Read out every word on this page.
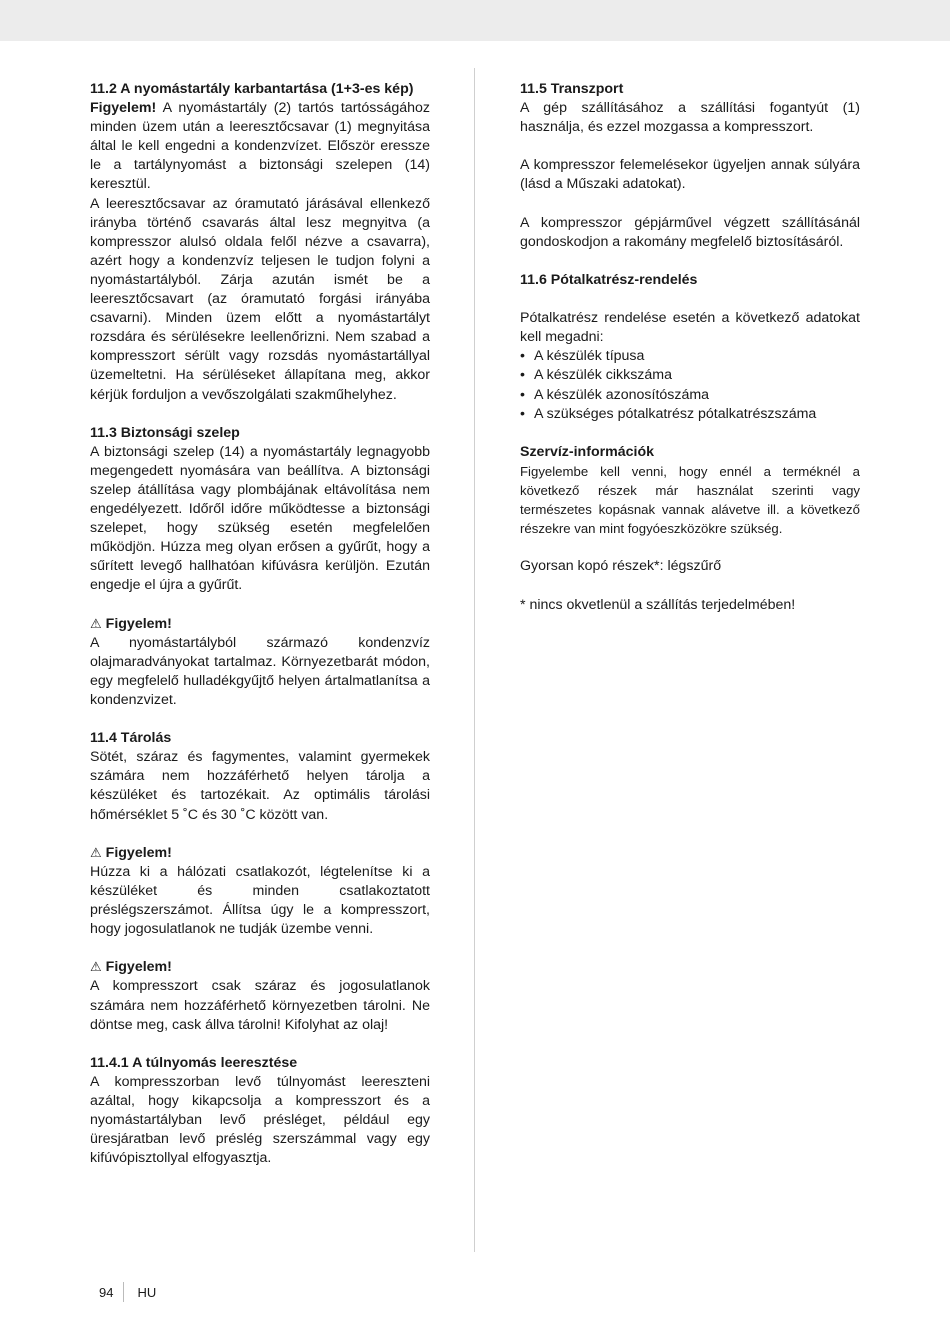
11.2 A nyomástartály karbantartása (1+3-es kép)

Figyelem! A nyomástartály (2) tartós tartósságához minden üzem után a leeresztőcsavar (1) megnyitása által le kell engedni a kondenzvízet. Először eresszе le a tartálynyomást a biztonsági szelepen (14) keresztül.

A leeresztőcsavar az óramutató járásával ellenkező irányba történő csavarás által lesz megnyitva (a kompresszor alulsó oldala felől nézve a csavarra), azért hogy a kondenzvíz teljesen le tudjon folyni a nyomástartályból. Zárja azután ismét be a leeresztőcsavart (az óramutató forgási irányába csavarni). Minden üzem előtt a nyomástartályt rozsdára és sérülésekre leellenőrizni. Nem szabad a kompresszort sérült vagy rozsdás nyomástartállyal üzemeltetni. Ha sérüléseket állapítana meg, akkor kérjük forduljon a vevőszolgálati szakműhelyhez.

11.3 Biztonsági szelep

A biztonsági szelep (14) a nyomástartály legnagyobb megengedett nyomására van beállítva. A biztonsági szelep átállítása vagy plombájának eltávolítása nem engedélyezett. Időről időre működtesse a biztonsági szelepet, hogy szükség esetén megfelelően működjön. Húzza meg olyan erősen a gyűrűt, hogy a sűrített levegő hallhatóan kifúvásra kerüljön. Ezután engedje el újra a gyűrűt.

⚠ Figyelem!

A nyomástartályból származó kondenzvíz olajmaradványokat tartalmaz. Környezetbarát módon, egy megfelelő hulladékgyűjtő helyen ártalmatlanítsa a kondenzvizet.

11.4 Tárolás

Sötét, száraz és fagymentes, valamint gyermekek számára nem hozzáférhető helyen tárolja a készüléket és tartozékait. Az optimális tárolási hőmérséklet 5 ˚C és 30 ˚C között van.

⚠ Figyelem!

Húzza ki a hálózati csatlakozót, légtelenítse ki a készüléket és minden csatlakoztatott préslégszerszámot. Állítsa úgy le a kompresszort, hogy jogosulatlanok ne tudják üzembe venni.

⚠ Figyelem!

A kompresszort csak száraz és jogosulatlanok számára nem hozzáférhető környezetben tárolni. Ne döntse meg, cask állva tárolni! Kifolyhat az olaj!

11.4.1 A túlnyomás leeresztése

A kompresszorban levő túlnyomást leereszteni azáltal, hogy kikapcsolja a kompresszort és a nyomástartályban levő présléget, például egy üresjáratban levő préslég szerszámmal vagy egy kifúvópisztollyal elfogyasztja.

11.5 Transzport

A gép szállításához a szállítási fogantyút (1) használja, és ezzel mozgassa a kompresszort.

A kompresszor felemelésekor ügyeljen annak súlyára (lásd a Műszaki adatokat).

A kompresszor gépjárművel végzett szállításánál gondoskodjon a rakomány megfelelő biztosításáról.

11.6 Pótalkatrész-rendelés

Pótalkatrész rendelése esetén a következő adatokat kell megadni:

• A készülék típusa
• A készülék cikkszáma
• A készülék azonosítószáma
• A szükséges pótalkatrész pótalkatrészszáma

Szervíz-információk

Figyelembe kell venni, hogy ennél a terméknél a következő részek már használat szerinti vagy természetes kopásnak vannak alávetve ill. a következő részekre van mint fogyóeszközökre szükség.

Gyorsan kopó részek*: légszűrő

* nincs okvetlenül a szállítás terjedelmében!

94 HU
